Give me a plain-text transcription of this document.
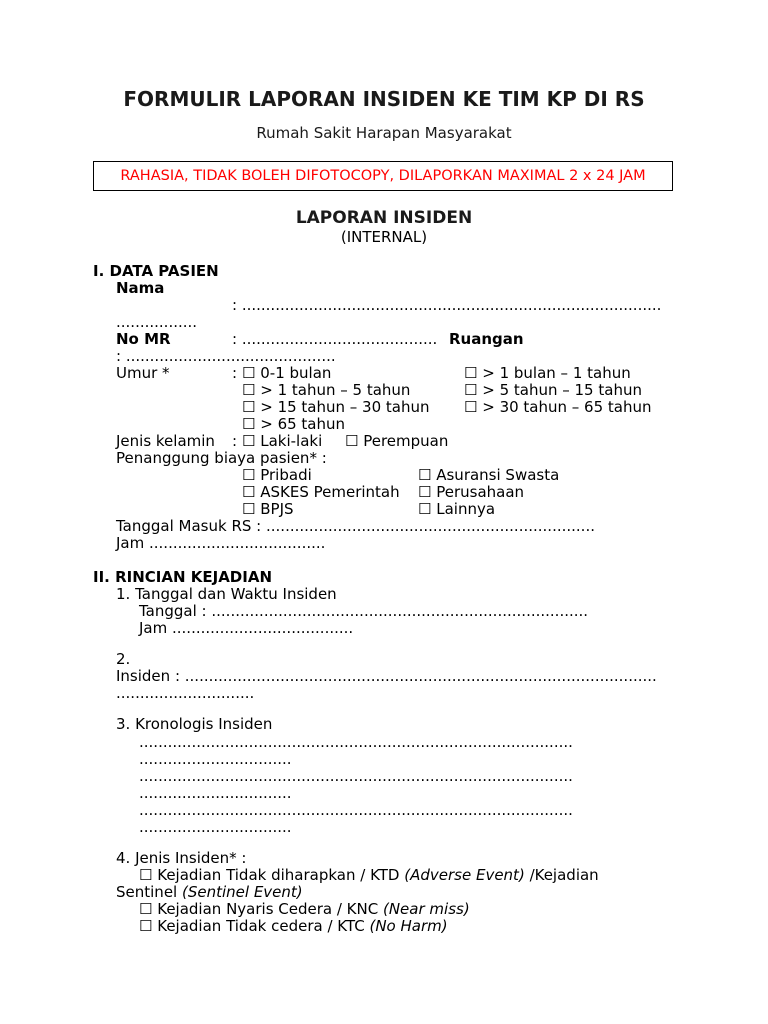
FORMULIR LAPORAN INSIDEN KE TIM KP DI RS
Rumah Sakit Harapan Masyarakat
RAHASIA, TIDAK BOLEH DIFOTOCOPY, DILAPORKAN MAXIMAL 2 x 24 JAM
LAPORAN INSIDEN
(INTERNAL)
I. DATA PASIEN
Nama
: ........................................................................................
.................
No MR	: ......................................... Ruangan
: ............................................
Umur *	: ☐ 0-1 bulan	☐ > 1 bulan – 1 tahun
☐ > 1 tahun – 5 tahun	☐ > 5 tahun – 15 tahun
☐ > 15 tahun – 30 tahun ☐ > 30 tahun – 65 tahun
☐ > 65 tahun
Jenis kelamin : ☐ Laki-laki ☐ Perempuan
Penanggung biaya pasien* :
☐ Pribadi	☐ Asuransi Swasta
☐ ASKES Pemerintah ☐ Perusahaan
☐ BPJS	☐ Lainnya
Tanggal Masuk RS : .....................................................................
Jam .....................................
II. RINCIAN KEJADIAN
1. Tanggal dan Waktu Insiden
Tanggal : ...............................................................................
Jam ......................................
2.
Insiden : ...................................................................................................
.............................
3. Kronologis Insiden
...........................................................................................
................................
...........................................................................................
................................
...........................................................................................
................................
4. Jenis Insiden* :
☐ Kejadian Tidak diharapkan / KTD (Adverse Event) /Kejadian
Sentinel (Sentinel Event)
☐ Kejadian Nyaris Cedera / KNC (Near miss)
☐ Kejadian Tidak cedera / KTC (No Harm)
